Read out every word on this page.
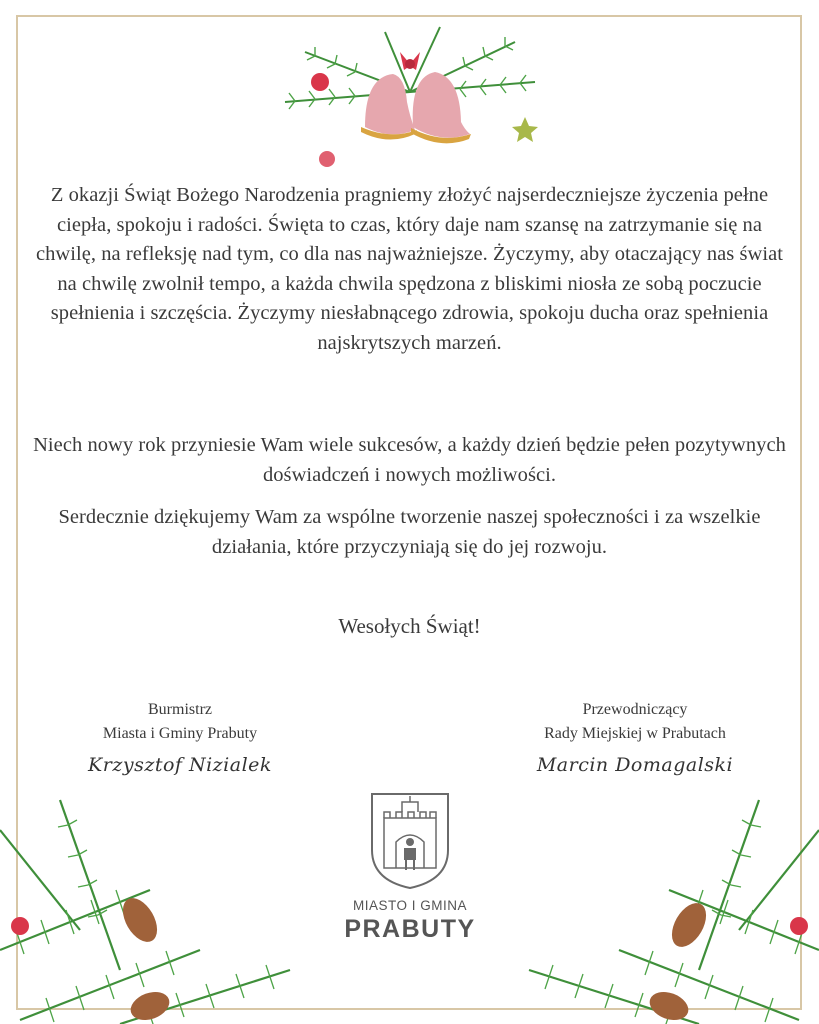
Z okazji Świąt Bożego Narodzenia pragniemy złożyć najserdeczniejsze życzenia pełne ciepła, spokoju i radości. Święta to czas, który daje nam szansę na zatrzymanie się na chwilę, na refleksję nad tym, co dla nas najważniejsze. Życzymy, aby otaczający nas świat na chwilę zwolnił tempo, a każda chwila spędzona z bliskimi niosła ze sobą poczucie spełnienia i szczęścia. Życzymy niesłabnącego zdrowia, spokoju ducha oraz spełnienia najskrytszych marzeń.

Niech nowy rok przyniesie Wam wiele sukcesów, a każdy dzień będzie pełen pozytywnych doświadczeń i nowych możliwości.

Serdecznie dziękujemy Wam za wspólne tworzenie naszej społeczności i za wszelkie działania, które przyczyniają się do jej rozwoju.

Wesołych Świąt!

Burmistrz
Miasta i Gminy Prabuty
Krzysztof Nizialek
Przewodniczący
Rady Miejskiej w Prabutach
Marcin Domagalski
MIASTO I GMINA
PRABUTY
